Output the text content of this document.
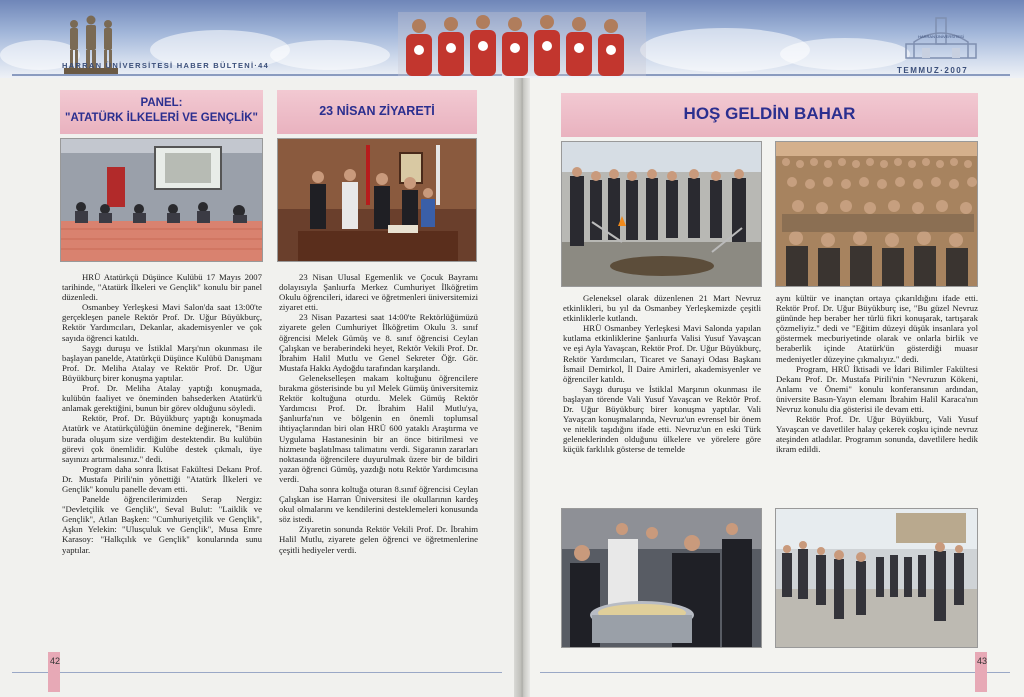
HARRAN ÜNİVERSİTESİ
HARRAN ÜNİVERSİTESİ HABER BÜLTENİ·44
TEMMUZ·2007
PANEL:
"ATATÜRK İLKELERİ VE GENÇLİK"

HRÜ Atatürkçü Düşünce Kulübü 17 Mayıs 2007 tarihinde, "Atatürk İlkeleri ve Gençlik" konulu bir panel düzenledi.

Osmanbey Yerleşkesi Mavi Salon'da saat 13:00'te gerçekleşen panele Rektör Prof. Dr. Uğur Büyükburç, Rektör Yardımcıları, Dekanlar, akademisyenler ve çok sayıda öğrenci katıldı.

Saygı duruşu ve İstiklal Marşı'nın okunması ile başlayan panelde, Atatürkçü Düşünce Kulübü Danışmanı Prof. Dr. Meliha Atalay ve Rektör Prof. Dr. Uğur Büyükburç birer konuşma yaptılar.

Prof. Dr. Meliha Atalay yaptığı konuşmada, kulübün faaliyet ve öneminden bahsederken Atatürk'ü anlamak gerektiğini, bunun bir görev olduğunu söyledi.

Rektör, Prof. Dr. Büyükburç yaptığı konuşmada Atatürk ve Atatürkçülüğün önemine değinerek, "Benim burada oluşum size verdiğim destektendir. Bu kulübün görevi çok önemlidir. Kulübe destek çıkmalı, üye sayınızı artırmalısınız." dedi.

Program daha sonra İktisat Fakültesi Dekanı Prof. Dr. Mustafa Pirili'nin yönettiği "Atatürk İlkeleri ve Gençlik" konulu panelle devam etti.

Panelde öğrencilerimizden Serap Nergiz: "Devletçilik ve Gençlik", Seval Bulut: "Laiklik ve Gençlik", Atlan Başken: "Cumhuriyetçilik ve Gençlik", Aşkın Yelekin: "Ulusçuluk ve Gençlik", Musa Emre Karasoy: "Halkçılık ve Gençlik" konularında sunu yaptılar.

23 NİSAN ZİYARETİ

23 Nisan Ulusal Egemenlik ve Çocuk Bayramı dolayısıyla Şanlıurfa Merkez Cumhuriyet İlköğretim Okulu öğrencileri, idareci ve öğretmenleri üniversitemizi ziyaret etti.

23 Nisan Pazartesi saat 14:00'te Rektörlüğümüzü ziyarete gelen Cumhuriyet İlköğretim Okulu 3. sınıf öğrencisi Melek Gümüş ve 8. sınıf öğrencisi Ceylan Çalışkan ve beraberindeki heyet, Rektör Vekili Prof. Dr. İbrahim Halil Mutlu ve Genel Sekreter Öğr. Gör. Mustafa Hakkı Aydoğdu tarafından karşılandı.

Gelenekselleşen makam koltuğunu öğrencilere bırakma gösterisinde bu yıl Melek Gümüş üniversitemiz Rektör koltuğuna oturdu. Melek Gümüş Rektör Yardımcısı Prof. Dr. İbrahim Halil Mutlu'ya, Şanlıurfa'nın ve bölgenin en önemli toplumsal ihtiyaçlarından biri olan HRÜ 600 yataklı Araştırma ve Uygulama Hastanesinin bir an önce bitirilmesi ve hizmete başlatılması talimatını verdi. Sigaranın zararları noktasında öğrencilere duyurulmak üzere bir de bildiri yazan öğrenci Gümüş, yazdığı notu Rektör Yardımcısına verdi.

Daha sonra koltuğa oturan 8.sınıf öğrencisi Ceylan Çalışkan ise Harran Üniversitesi ile okullarının kardeş okul olmalarını ve kendilerini desteklemeleri konusunda söz istedi.

Ziyaretin sonunda Rektör Vekili Prof. Dr. İbrahim Halil Mutlu, ziyarete gelen öğrenci ve öğretmenlerine çeşitli hediyeler verdi.

HOŞ GELDİN BAHAR

Geleneksel olarak düzenlenen 21 Mart Nevruz etkinlikleri, bu yıl da Osmanbey Yerleşkemizde çeşitli etkinliklerle kutlandı.

HRÜ Osmanbey Yerleşkesi Mavi Salonda yapılan kutlama etkinliklerine Şanlıurfa Valisi Yusuf Yavaşcan ve eşi Ayla Yavaşcan, Rektör Prof. Dr. Uğur Büyükburç, Rektör Yardımcıları, Ticaret ve Sanayi Odası Başkanı İsmail Demirkol, İl Daire Amirleri, akademisyenler ve öğrenciler katıldı.

Saygı duruşu ve İstiklal Marşının okunması ile başlayan törende Vali Yusuf Yavaşcan ve Rektör Prof. Dr. Uğur Büyükburç birer konuşma yaptılar. Vali Yavaşcan konuşmalarında, Nevruz'un evrensel bir önem ve nitelik taşıdığını ifade etti. Nevruz'un en eski Türk geleneklerinden olduğunu ülkelere ve yörelere göre küçük farklılık gösterse de temelde

aynı kültür ve inançtan ortaya çıkarıldığını ifade etti. Rektör Prof. Dr. Uğur Büyükburç ise, "Bu güzel Nevruz gününde hep beraber her türlü fikri konuşarak, tartışarak çözmeliyiz." dedi ve "Eğitim düzeyi düşük insanlara yol göstermek mecburiyetinde olarak ve onlarla birlik ve beraberlik içinde Atatürk'ün gösterdiği muasır medeniyetler düzeyine çıkmalıyız." dedi.

Program, HRÜ İktisadi ve İdari Bilimler Fakültesi Dekanı Prof. Dr. Mustafa Pirili'nin "Nevruzun Kökeni, Anlamı ve Önemi" konulu konferansının ardından, üniversite Basın-Yayın elemanı İbrahim Halil Karaca'nın Nevruz konulu dia gösterisi ile devam etti.

Rektör Prof. Dr. Uğur Büyükburç, Vali Yusuf Yavaşcan ve davetliler halay çekerek coşku içinde nevruz ateşinden atladılar. Programın sonunda, davetlilere hedik ikram edildi.

42	43
